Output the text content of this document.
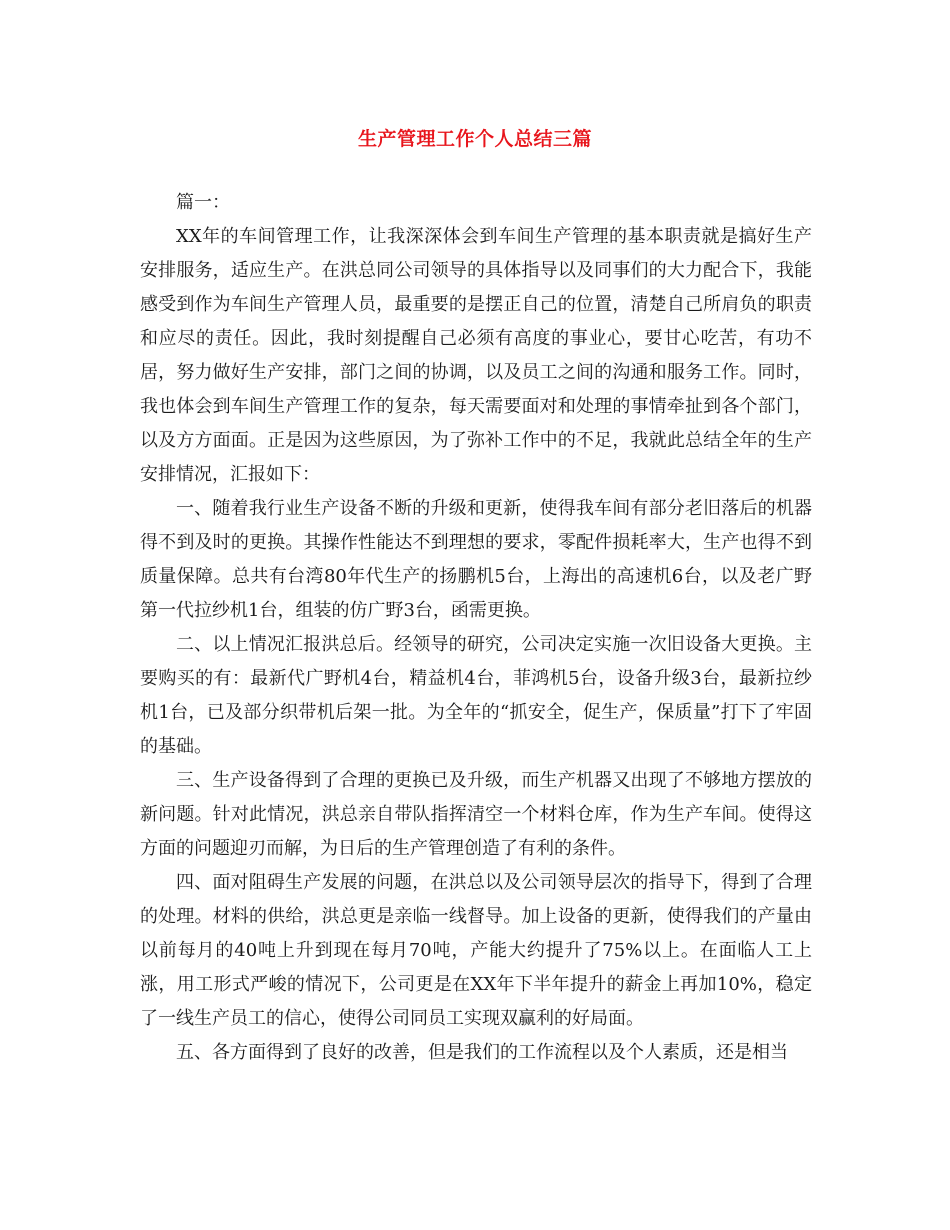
生产管理工作个人总结三篇

篇一：

XX年的车间管理工作，让我深深体会到车间生产管理的基本职责就是搞好生产安排服务，适应生产。在洪总同公司领导的具体指导以及同事们的大力配合下，我能感受到作为车间生产管理人员，最重要的是摆正自己的位置，清楚自己所肩负的职责和应尽的责任。因此，我时刻提醒自己必须有高度的事业心，要甘心吃苦，有功不居，努力做好生产安排，部门之间的协调，以及员工之间的沟通和服务工作。同时，我也体会到车间生产管理工作的复杂，每天需要面对和处理的事情牵扯到各个部门，以及方方面面。正是因为这些原因，为了弥补工作中的不足，我就此总结全年的生产安排情况，汇报如下：

一、随着我行业生产设备不断的升级和更新，使得我车间有部分老旧落后的机器得不到及时的更换。其操作性能达不到理想的要求，零配件损耗率大，生产也得不到质量保障。总共有台湾80年代生产的扬鹏机5台，上海出的高速机6台，以及老广野第一代拉纱机1台，组装的仿广野3台，函需更换。

二、以上情况汇报洪总后。经领导的研究，公司决定实施一次旧设备大更换。主要购买的有：最新代广野机4台，精益机4台，菲鸿机5台，设备升级3台，最新拉纱机1台，已及部分织带机后架一批。为全年的“抓安全，促生产，保质量”打下了牢固的基础。

三、生产设备得到了合理的更换已及升级，而生产机器又出现了不够地方摆放的新问题。针对此情况，洪总亲自带队指挥清空一个材料仓库，作为生产车间。使得这方面的问题迎刃而解，为日后的生产管理创造了有利的条件。

四、面对阻碍生产发展的问题，在洪总以及公司领导层次的指导下，得到了合理的处理。材料的供给，洪总更是亲临一线督导。加上设备的更新，使得我们的产量由以前每月的40吨上升到现在每月70吨，产能大约提升了75%以上。在面临人工上涨，用工形式严峻的情况下，公司更是在XX年下半年提升的薪金上再加10%，稳定了一线生产员工的信心，使得公司同员工实现双赢利的好局面。

五、各方面得到了良好的改善，但是我们的工作流程以及个人素质，还是相当
